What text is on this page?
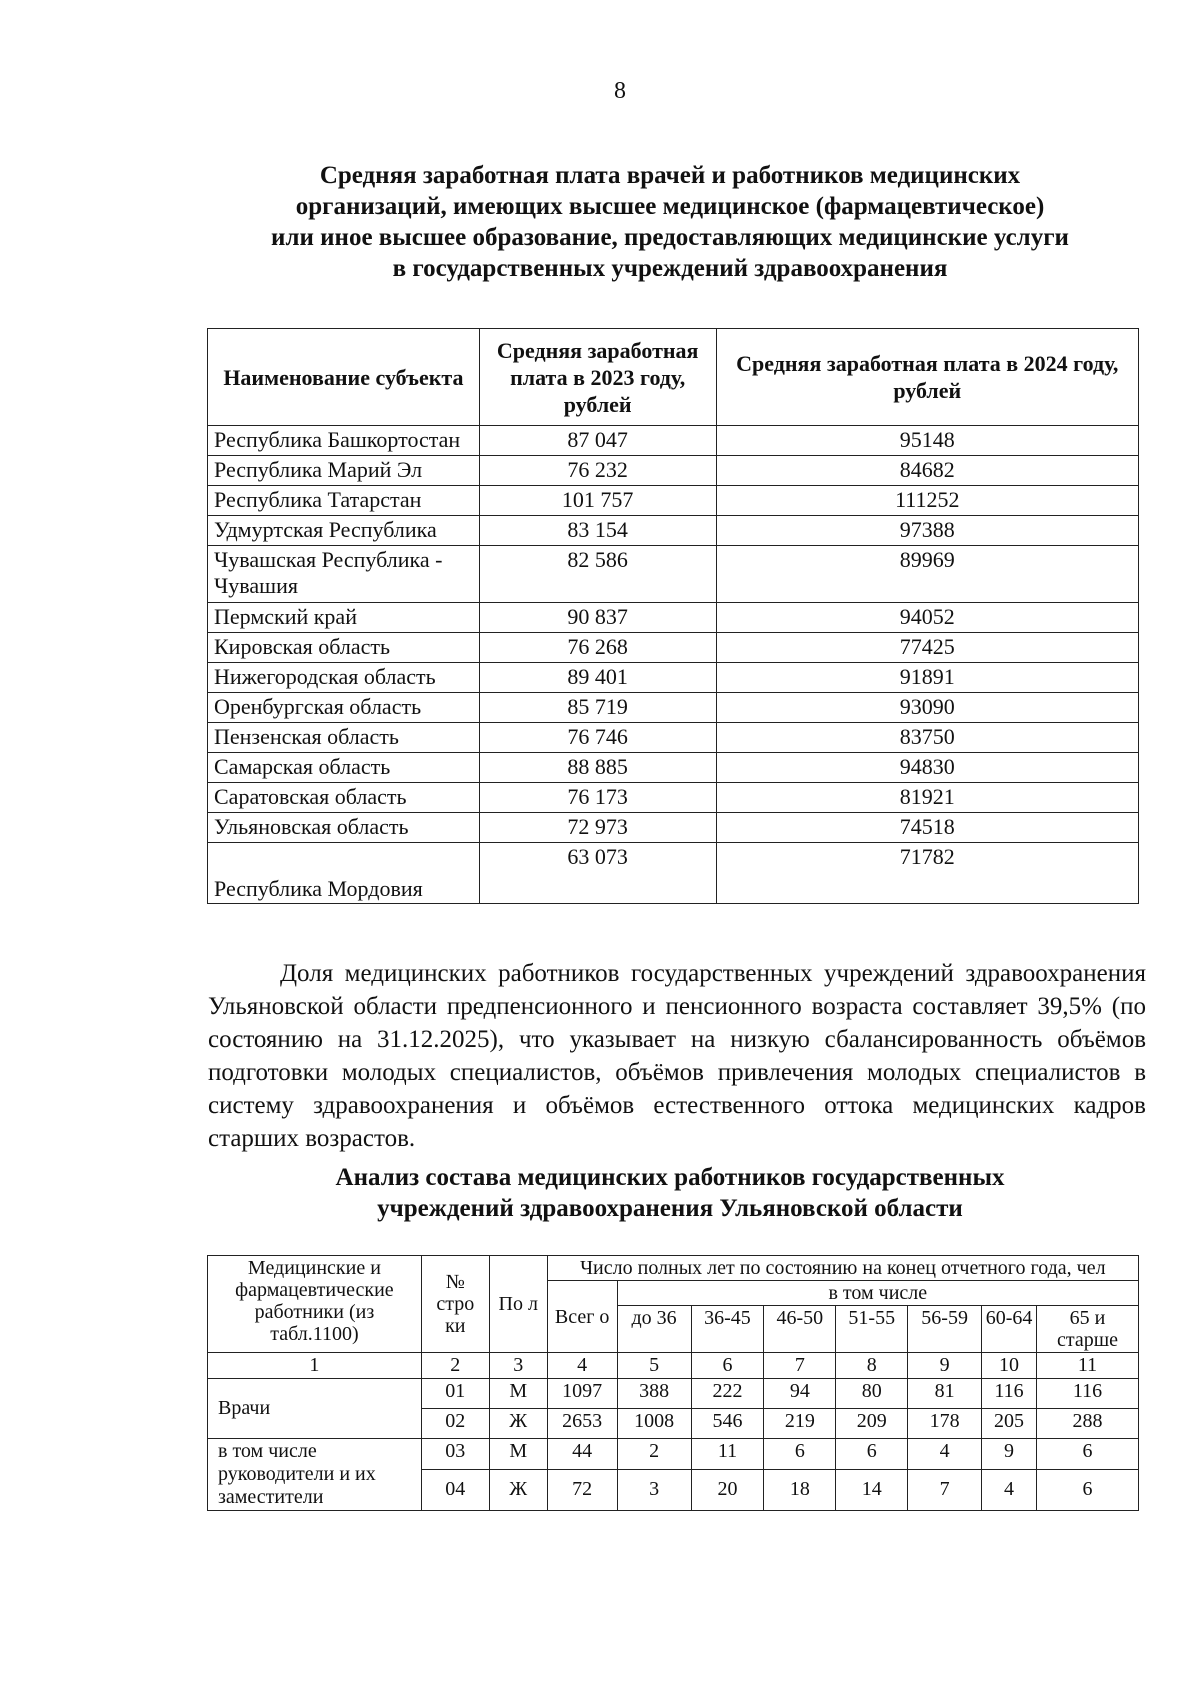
8
Средняя заработная плата врачей и работников медицинских
организаций, имеющих высшее медицинское (фармацевтическое)
или иное высшее образование, предоставляющих медицинские услуги
в государственных учреждений здравоохранения
Наименование субъекта	Средняя заработная плата в 2023 году, рублей	Средняя заработная плата в 2024 году, рублей
Республика Башкортостан	87 047	95148
Республика Марий Эл	76 232	84682
Республика Татарстан	101 757	111252
Удмуртская Республика	83 154	97388
Чувашская Республика - Чувашия	82 586	89969
Пермский край	90 837	94052
Кировская область	76 268	77425
Нижегородская область	89 401	91891
Оренбургская область	85 719	93090
Пензенская область	76 746	83750
Самарская область	88 885	94830
Саратовская область	76 173	81921
Ульяновская область	72 973	74518
Республика Мордовия	63 073	71782

Доля медицинских работников государственных учреждений здравоохранения Ульяновской области предпенсионного и пенсионного возраста составляет 39,5% (по состоянию на 31.12.2025), что указывает на низкую сбалансированность объёмов подготовки молодых специалистов, объёмов привлечения молодых специалистов в систему здравоохранения и объёмов естественного оттока медицинских кадров старших возрастов.

Анализ состава медицинских работников государственных
учреждений здравоохранения Ульяновской области
Медицинские и фармацевтические работники (из табл.1100)	№ стро ки	По л	Число полных лет по состоянию на конец отчетного года, чел							
			Всег о	в том числе						
				до 36	36-45	46-50	51-55	56-59	60-64	65 и старше
1	2	3	4	5	6	7	8	9	10	11
Врачи	01	М	1097	388	222	94	80	81	116	116
	02	Ж	2653	1008	546	219	209	178	205	288
в том числе руководители и их заместители	03	М	44	2	11	6	6	4	9	6
	04	Ж	72	3	20	18	14	7	4	6
